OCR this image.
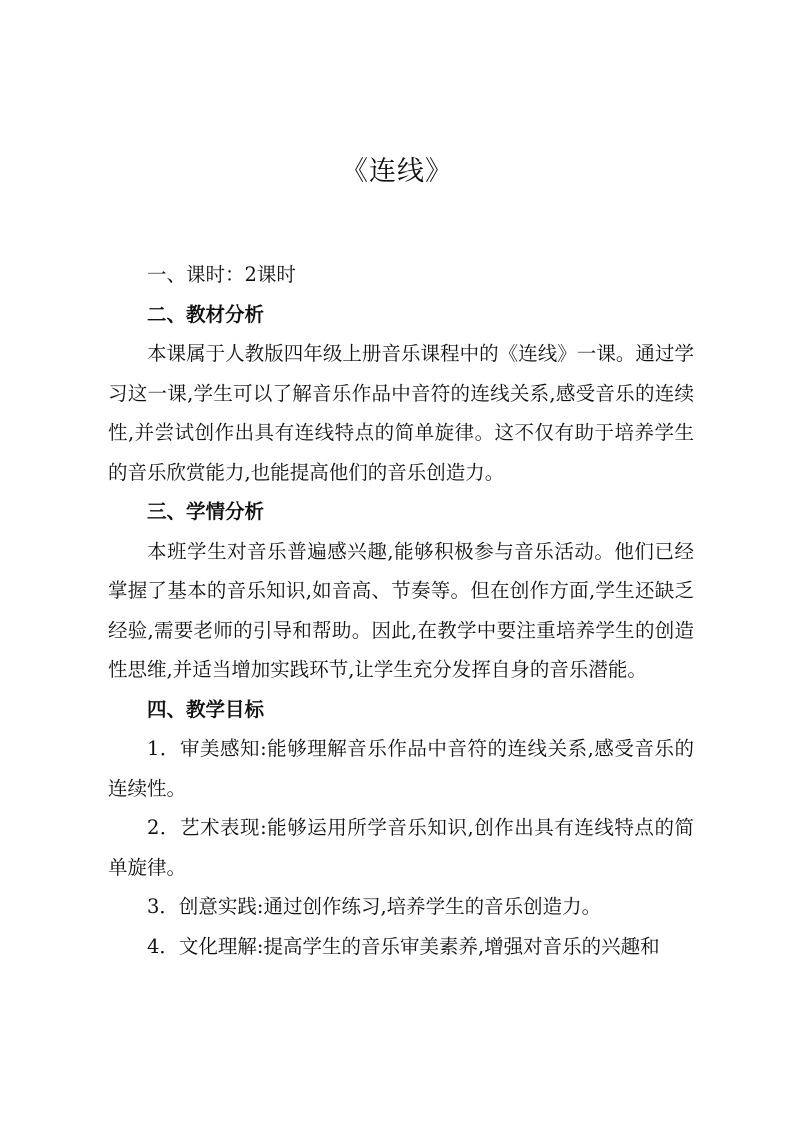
《连线》

一、课时：2课时

二、教材分析

本课属于人教版四年级上册音乐课程中的《连线》一课。通过学习这一课,学生可以了解音乐作品中音符的连线关系,感受音乐的连续性,并尝试创作出具有连线特点的简单旋律。这不仅有助于培养学生的音乐欣赏能力,也能提高他们的音乐创造力。

三、学情分析

本班学生对音乐普遍感兴趣,能够积极参与音乐活动。他们已经掌握了基本的音乐知识,如音高、节奏等。但在创作方面,学生还缺乏经验,需要老师的引导和帮助。因此,在教学中要注重培养学生的创造性思维,并适当增加实践环节,让学生充分发挥自身的音乐潜能。

四、教学目标

1．审美感知:能够理解音乐作品中音符的连线关系,感受音乐的连续性。

2．艺术表现:能够运用所学音乐知识,创作出具有连线特点的简单旋律。

3．创意实践:通过创作练习,培养学生的音乐创造力。

4．文化理解:提高学生的音乐审美素养,增强对音乐的兴趣和
